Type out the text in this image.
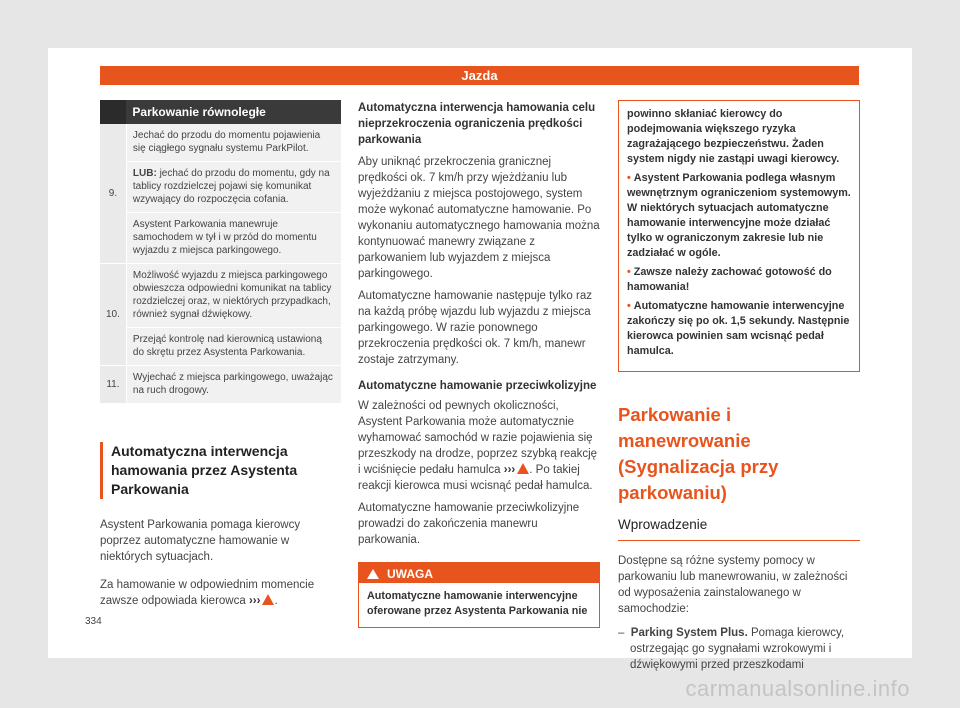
Jazda
	Parkowanie równoległe
9.	Jechać do przodu do momentu pojawienia się ciągłego sygnału systemu ParkPilot.
	LUB: jechać do przodu do momentu, gdy na tablicy rozdzielczej pojawi się komunikat wzywający do rozpoczęcia cofania.
	Asystent Parkowania manewruje samochodem w tył i w przód do momentu wyjazdu z miejsca parkingowego.
10.	Możliwość wyjazdu z miejsca parkingowego obwieszcza odpowiedni komunikat na tablicy rozdzielczej oraz, w niektórych przypadkach, również sygnał dźwiękowy.
	Przejąć kontrolę nad kierownicą ustawioną do skrętu przez Asystenta Parkowania.
11.	Wyjechać z miejsca parkingowego, uważając na ruch drogowy.
Automatyczna interwencja hamowania przez Asystenta Parkowania

Asystent Parkowania pomaga kierowcy poprzez automatyczne hamowanie w niektórych sytuacjach.

Za hamowanie w odpowiednim momencie zawsze odpowiada kierowca ››› .

Automatyczna interwencja hamowania celu nieprzekroczenia ograniczenia prędkości parkowania

Aby uniknąć przekroczenia granicznej prędkości ok. 7 km/h przy wjeżdżaniu lub wyjeżdżaniu z miejsca postojowego, system może wykonać automatyczne hamowanie. Po wykonaniu automatycznego hamowania można kontynuować manewry związane z parkowaniem lub wyjazdem z miejsca parkingowego.

Automatyczne hamowanie następuje tylko raz na każdą próbę wjazdu lub wyjazdu z miejsca parkingowego. W razie ponownego przekroczenia prędkości ok. 7 km/h, manewr zostaje zatrzymany.

Automatyczne hamowanie przeciwkolizyjne

W zależności od pewnych okoliczności, Asystent Parkowania może automatycznie wyhamować samochód w razie pojawienia się przeszkody na drodze, poprzez szybką reakcję i wciśnięcie pedału hamulca ››› . Po takiej reakcji kierowca musi wcisnąć pedał hamulca.

Automatyczne hamowanie przeciwkolizyjne prowadzi do zakończenia manewru parkowania.

UWAGA
Automatyczne hamowanie interwencyjne oferowane przez Asystenta Parkowania nie

powinno skłaniać kierowcy do podejmowania większego ryzyka zagrażającego bezpieczeństwu. Żaden system nigdy nie zastąpi uwagi kierowcy.

• Asystent Parkowania podlega własnym wewnętrznym ograniczeniom systemowym. W niektórych sytuacjach automatyczne hamowanie interwencyjne może działać tylko w ograniczonym zakresie lub nie zadziałać w ogóle.

• Zawsze należy zachować gotowość do hamowania!

• Automatyczne hamowanie interwencyjne zakończy się po ok. 1,5 sekundy. Następnie kierowca powinien sam wcisnąć pedał hamulca.

Parkowanie i manewrowanie (Sygnalizacja przy parkowaniu)
Wprowadzenie

Dostępne są różne systemy pomocy w parkowaniu lub manewrowaniu, w zależności od wyposażenia zainstalowanego w samochodzie:

– Parking System Plus. Pomaga kierowcy, ostrzegając go sygnałami wzrokowymi i dźwiękowymi przed przeszkodami

334
carmanualsonline.info
